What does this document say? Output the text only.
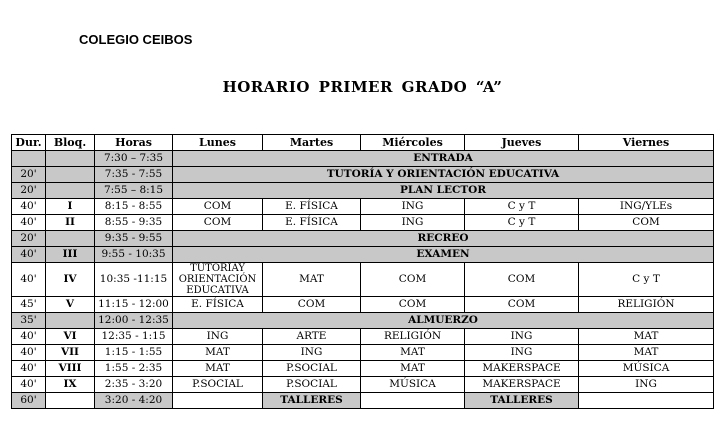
COLEGIO CEIBOS
HORARIO PRIMER GRADO “A”
Dur.	Bloq.	Horas	Lunes	Martes	Miércoles	Jueves	Viernes
		7:30 – 7:35	ENTRADA				
20'		7:35 - 7:55	TUTORÍA Y ORIENTACIÓN EDUCATIVA				
20'		7:55 – 8:15	PLAN LECTOR				
40'	I	8:15 - 8:55	COM	E. FÍSICA	ING	C y T	ING/YLEs
40'	II	8:55 - 9:35	COM	E. FÍSICA	ING	C y T	COM
20'		9:35 - 9:55	RECREO				
40'	III	9:55 - 10:35	EXAMEN				
40'	IV	10:35 -11:15	TUTORÍAY ORIENTACIÓN EDUCATIVA	MAT	COM	COM	C y T
45'	V	11:15 - 12:00	E. FÍSICA	COM	COM	COM	RELIGIÓN
35'		12:00 - 12:35	ALMUERZO				
40'	VI	12:35 - 1:15	ING	ARTE	RELIGIÓN	ING	MAT
40'	VII	1:15 - 1:55	MAT	ING	MAT	ING	MAT
40'	VIII	1:55 - 2:35	MAT	P.SOCIAL	MAT	MAKERSPACE	MÚSICA
40'	IX	2:35 - 3:20	P.SOCIAL	P.SOCIAL	MÚSICA	MAKERSPACE	ING
60'		3:20 - 4:20		TALLERES		TALLERES	
